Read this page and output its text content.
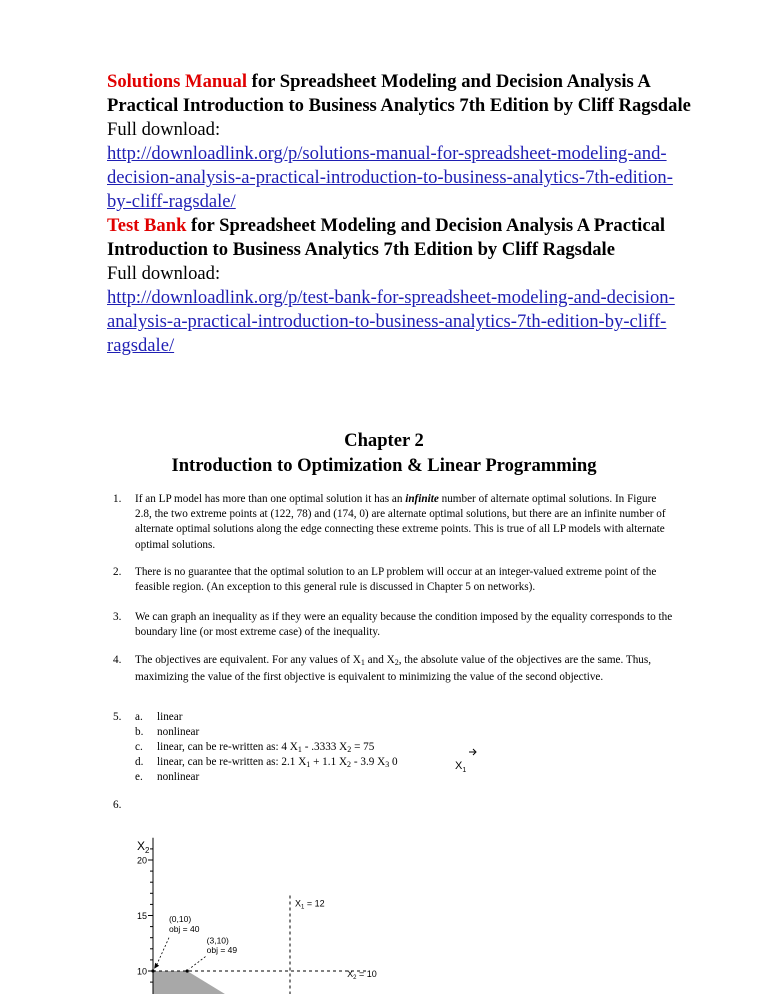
Solutions Manual for Spreadsheet Modeling and Decision Analysis A Practical Introduction to Business Analytics 7th Edition by Cliff Ragsdale
Full download:
http://downloadlink.org/p/solutions-manual-for-spreadsheet-modeling-and-decision-analysis-a-practical-introduction-to-business-analytics-7th-edition-by-cliff-ragsdale/
Test Bank for Spreadsheet Modeling and Decision Analysis A Practical Introduction to Business Analytics 7th Edition by Cliff Ragsdale
Full download:
http://downloadlink.org/p/test-bank-for-spreadsheet-modeling-and-decision-analysis-a-practical-introduction-to-business-analytics-7th-edition-by-cliff-ragsdale/
Chapter 2
Introduction to Optimization & Linear Programming
1. If an LP model has more than one optimal solution it has an infinite number of alternate optimal solutions. In Figure 2.8, the two extreme points at (122, 78) and (174, 0) are alternate optimal solutions, but there are an infinite number of alternate optimal solutions along the edge connecting these extreme points. This is true of all LP models with alternate optimal solutions.
2. There is no guarantee that the optimal solution to an LP problem will occur at an integer-valued extreme point of the feasible region. (An exception to this general rule is discussed in Chapter 5 on networks).
3. We can graph an inequality as if they were an equality because the condition imposed by the equality corresponds to the boundary line (or most extreme case) of the inequality.
4. The objectives are equivalent. For any values of $X_1$ and $X_2$, the absolute value of the objectives are the same. Thus, maximizing the value of the first objective is equivalent to minimizing the value of the second objective.
5. a. linear
b. nonlinear
c. linear, can be re-written as: 4 $X_1 - .3333$ $X_2 = 75$
d. linear, can be re-written as: 2.1 $X_1 + 1.1$ $X_2 - 3.9$ $X_3$ 0
e. nonlinear
$X_1$
6.
20
15
10
$X_2$
$X_1 = 12$
$X_2 = 10$
(0,10)
obj = 40
(3,10)
obj = 49
